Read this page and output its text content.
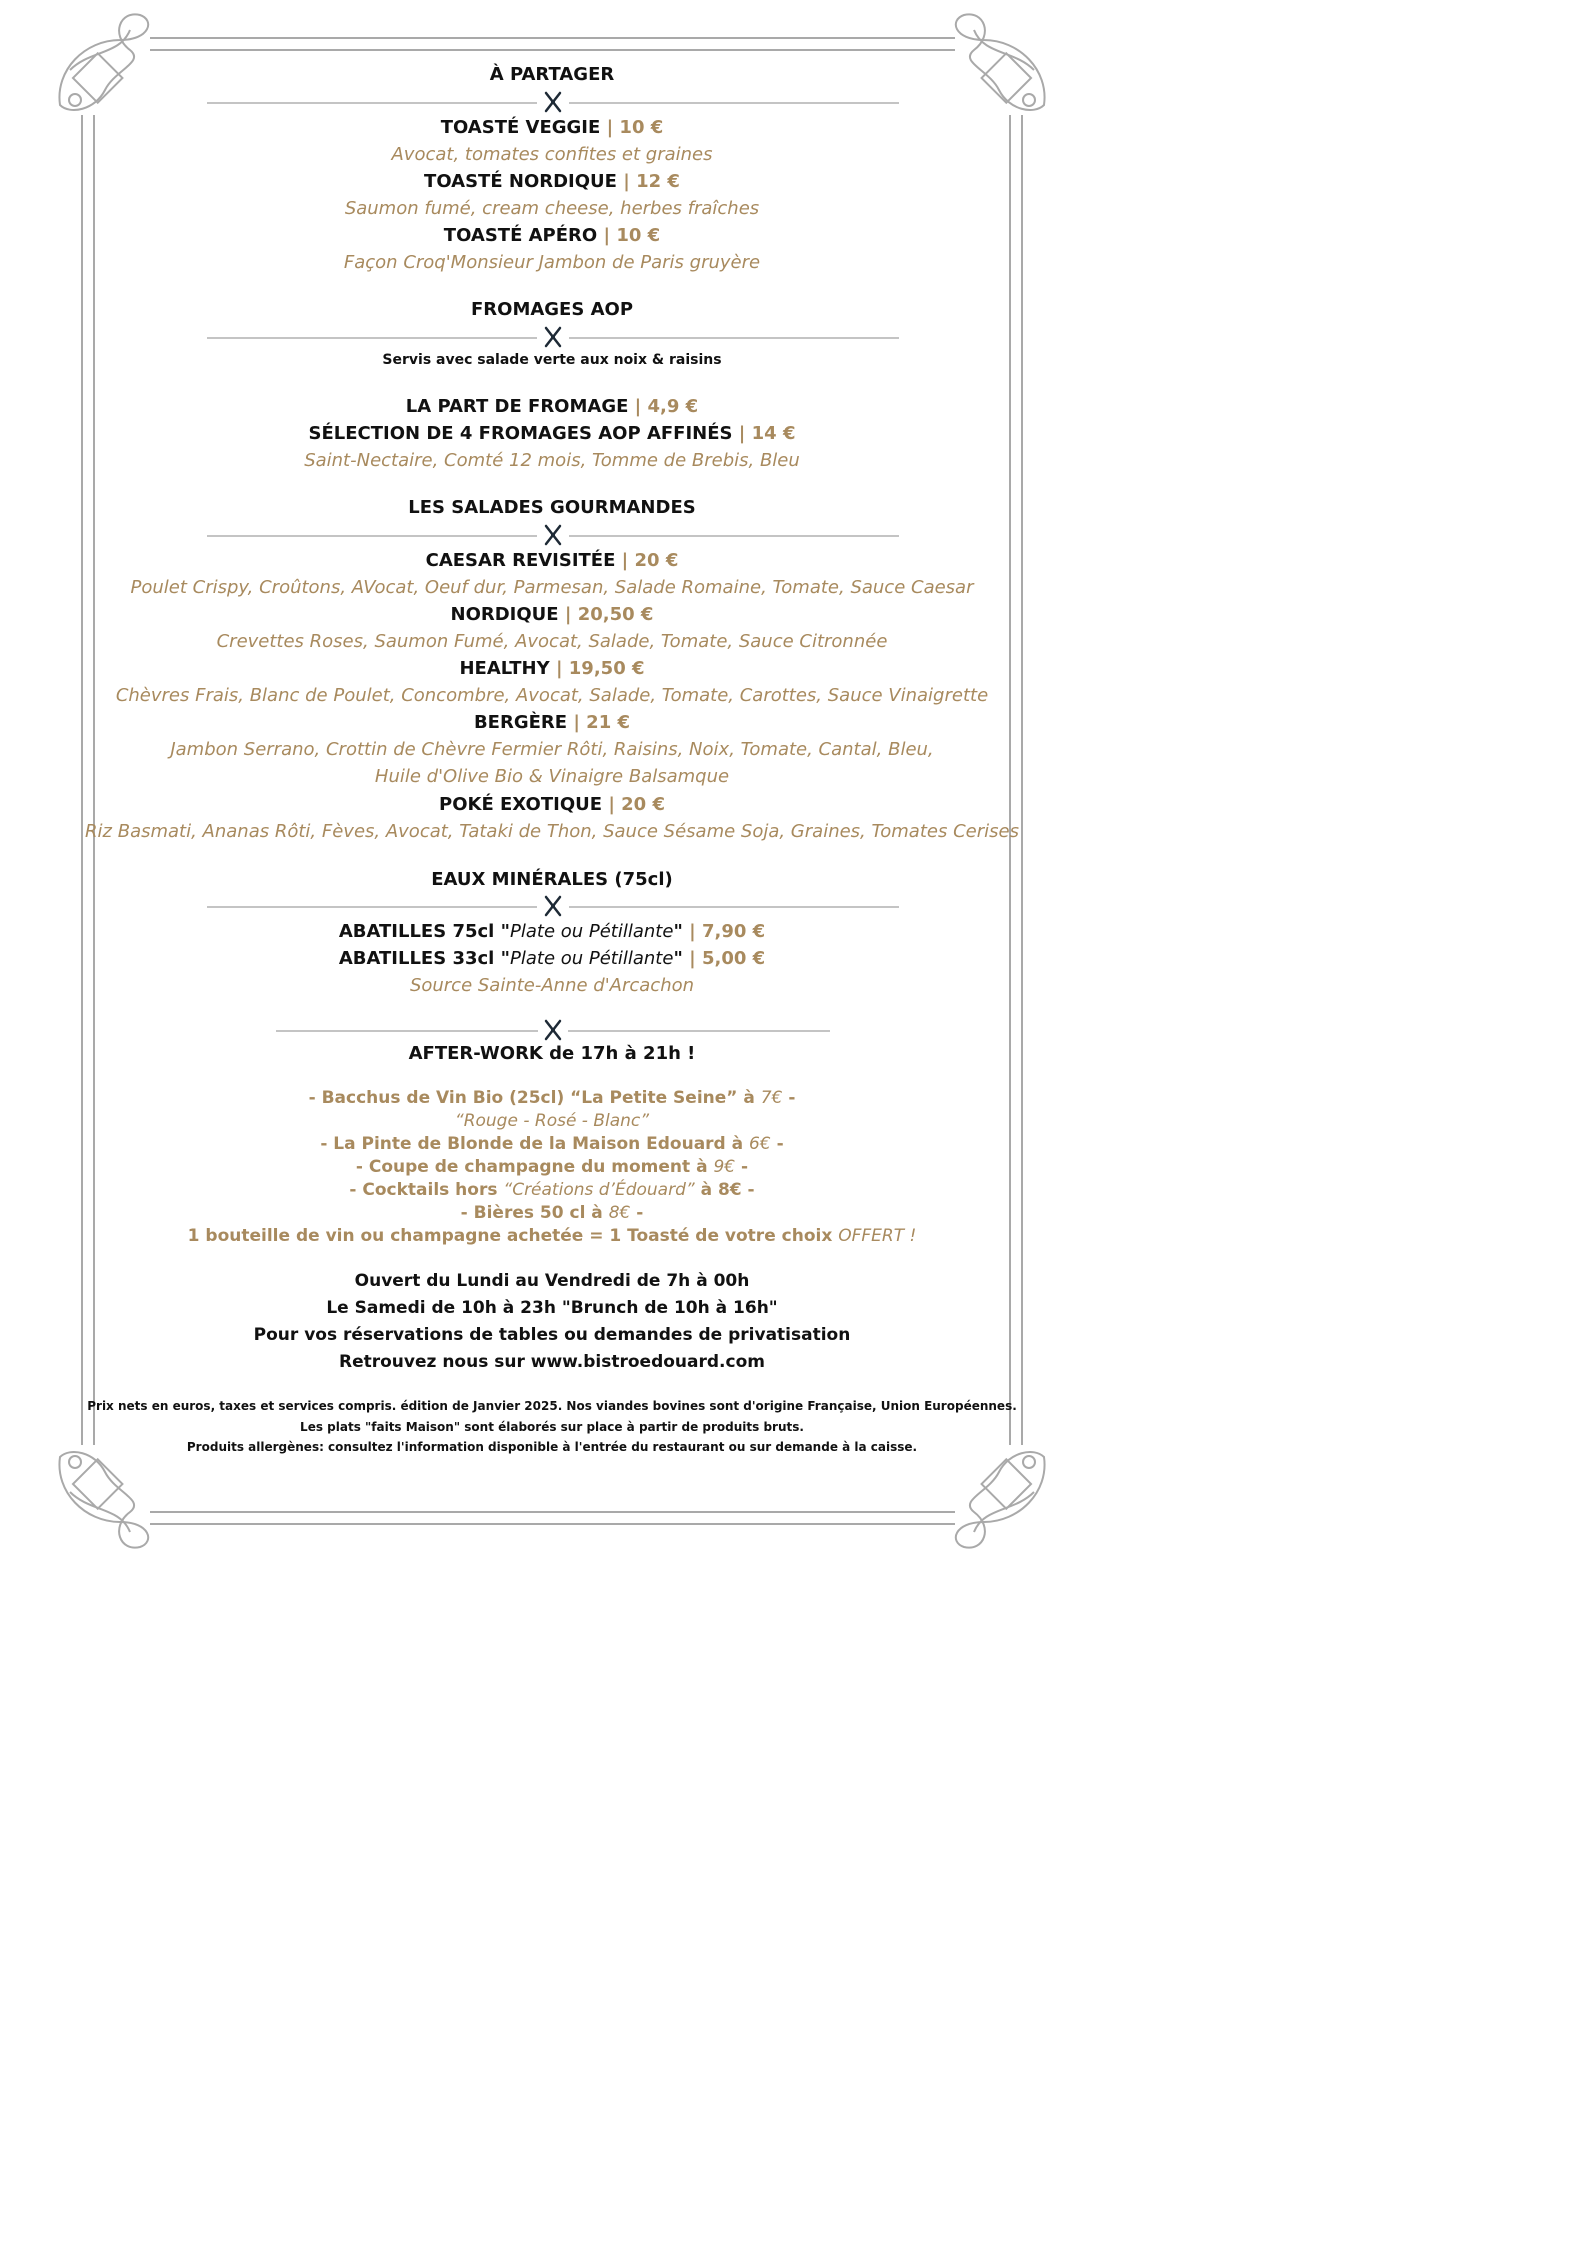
À PARTAGER
TOASTÉ VEGGIE | 10 €
Avocat, tomates confites et graines
TOASTÉ NORDIQUE | 12 €
Saumon fumé, cream cheese, herbes fraîches
TOASTÉ APÉRO | 10 €
Façon Croq'Monsieur Jambon de Paris gruyère
FROMAGES AOP
Servis avec salade verte aux noix & raisins
LA PART DE FROMAGE | 4,9 €
SÉLECTION DE 4 FROMAGES AOP AFFINÉS | 14 €
Saint-Nectaire, Comté 12 mois, Tomme de Brebis, Bleu
LES SALADES GOURMANDES
CAESAR REVISITÉE | 20 €
Poulet Crispy, Croûtons, AVocat, Oeuf dur, Parmesan, Salade Romaine, Tomate, Sauce Caesar
NORDIQUE | 20,50 €
Crevettes Roses, Saumon Fumé, Avocat, Salade, Tomate, Sauce Citronnée
HEALTHY | 19,50 €
Chèvres Frais, Blanc de Poulet, Concombre, Avocat, Salade, Tomate, Carottes, Sauce Vinaigrette
BERGÈRE | 21 €
Jambon Serrano, Crottin de Chèvre Fermier Rôti, Raisins, Noix, Tomate, Cantal, Bleu,
Huile d'Olive Bio & Vinaigre Balsamque
POKÉ EXOTIQUE | 20 €
Riz Basmati, Ananas Rôti, Fèves, Avocat, Tataki de Thon, Sauce Sésame Soja, Graines, Tomates Cerises
EAUX MINÉRALES (75cl)
ABATILLES 75cl "Plate ou Pétillante" | 7,90 €
ABATILLES 33cl "Plate ou Pétillante" | 5,00 €
Source Sainte-Anne d'Arcachon
AFTER-WORK de 17h à 21h !
- Bacchus de Vin Bio (25cl) “La Petite Seine” à 7€ -
“Rouge - Rosé - Blanc”
- La Pinte de Blonde de la Maison Edouard à 6€ -
- Coupe de champagne du moment à 9€ -
- Cocktails hors “Créations d’Édouard” à 8€ -
- Bières 50 cl à 8€ -
1 bouteille de vin ou champagne achetée = 1 Toasté de votre choix OFFERT !
Ouvert du Lundi au Vendredi de 7h à 00h
Le Samedi de 10h à 23h "Brunch de 10h à 16h"
Pour vos réservations de tables ou demandes de privatisation
Retrouvez nous sur www.bistroedouard.com
Prix nets en euros, taxes et services compris. édition de Janvier 2025. Nos viandes bovines sont d'origine Française, Union Européennes.
Les plats "faits Maison" sont élaborés sur place à partir de produits bruts.
Produits allergènes: consultez l'information disponible à l'entrée du restaurant ou sur demande à la caisse.
